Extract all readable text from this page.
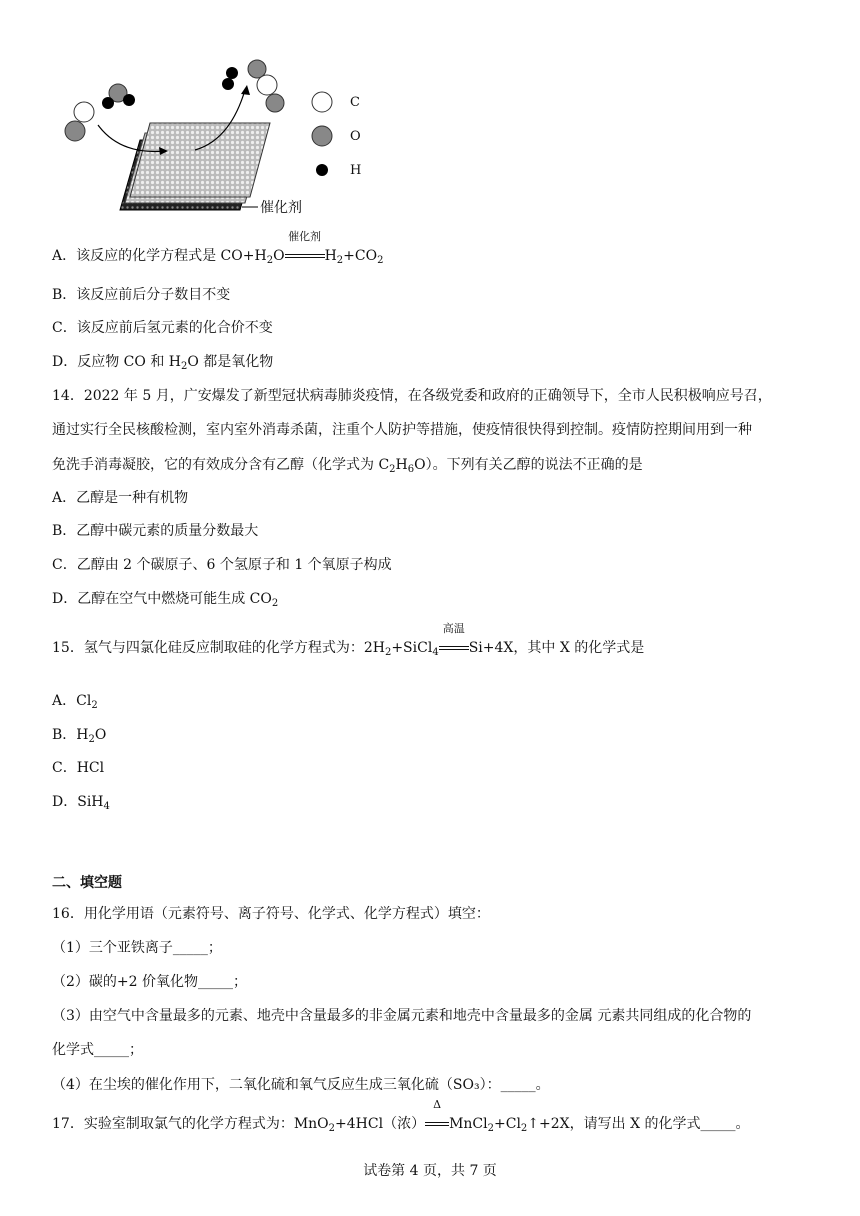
催化剂
C
O
H
A．该反应的化学方程式是 $CO+H_2O$
催化剂
$H_2+CO_2$
B．该反应前后分子数目不变
C．该反应前后氢元素的化合价不变
D．反应物 CO 和 $H_2O$ 都是氧化物
14．2022 年 5 月，广安爆发了新型冠状病毒肺炎疫情，在各级党委和政府的正确领导下，全市人民积极响应号召，
通过实行全民核酸检测，室内室外消毒杀菌，注重个人防护等措施，使疫情很快得到控制。疫情防控期间用到一种
免洗手消毒凝胶，它的有效成分含有乙醇（化学式为 $C_2H_6O$）。下列有关乙醇的说法不正确的是
A．乙醇是一种有机物
B．乙醇中碳元素的质量分数最大
C．乙醇由 2 个碳原子、6 个氢原子和 1 个氧原子构成
D．乙醇在空气中燃烧可能生成 $CO_2$
15．氢气与四氯化硅反应制取硅的化学方程式为：$2H_2+SiCl_4$
高温
Si+4X，其中 X 的化学式是
A．$Cl_2$
B．$H_2O$
C．HCl
D．SiH$_4$
二、填空题
16．用化学用语（元素符号、离子符号、化学式、化学方程式）填空：
（1）三个亚铁离子_____；
（2）碳的+2 价氧化物_____；
（3）由空气中含量最多的元素、地壳中含量最多的非金属元素和地壳中含量最多的金属 元素共同组成的化合物的
化学式_____；
（4）在尘埃的催化作用下，二氧化硫和氧气反应生成三氧化硫（SO₃）：_____。
17．实验室制取氯气的化学方程式为：MnO$_2$+4HCl（浓）
Δ
$MnCl_2+Cl_2↑+2X$，请写出 X 的化学式_____。
试卷第 4 页，共 7 页
